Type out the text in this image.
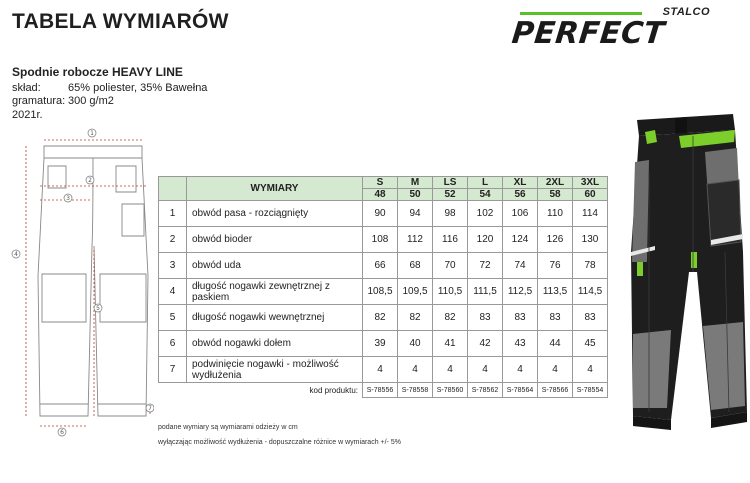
TABELA WYMIARÓW	STALCO
PERFECT
Spodnie robocze HEAVY LINE
skład:	65% poliester, 35% Bawełna
gramatura: 300 g/m2
2021r.
1
2
3
4
5
6
7
	WYMIARY	S	M	LS	L	XL	2XL	3XL
		48	50	52	54	56	58	60
1	obwód pasa - rozciągnięty	90	94	98	102	106	110	114
2	obwód bioder	108	112	116	120	124	126	130
3	obwód uda	66	68	70	72	74	76	78
4	długość nogawki zewnętrznej z paskiem	108,5	109,5	110,5	111,5	112,5	113,5	114,5
5	długość nogawki wewnętrznej	82	82	82	83	83	83	83
6	obwód nogawki dołem	39	40	41	42	43	44	45
7	podwinięcie nogawki - możliwość wydłużenia	4	4	4	4	4	4	4
kod produktu:		S-78556	S-78558	S-78560	S-78562	S-78564	S-78566	S-78554
podane wymiary są wymiarami odzieży w cm
wyłączając możliwość wydłużenia - dopuszczalne różnice w wymiarach +/- 5%
